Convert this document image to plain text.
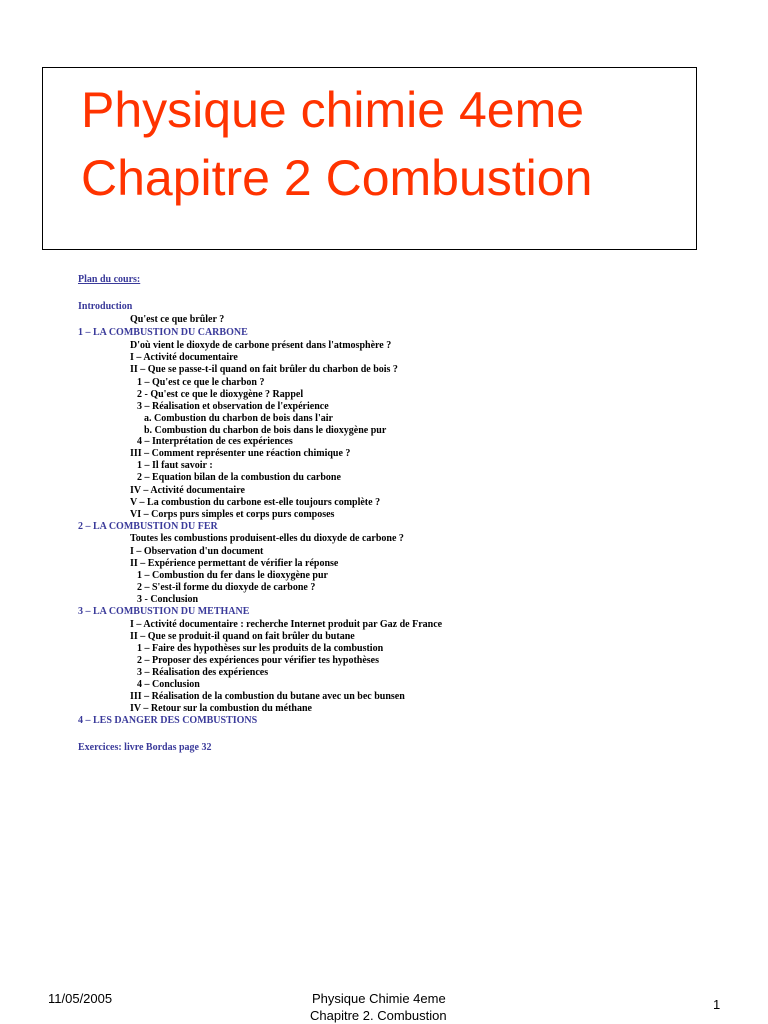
Physique chimie 4eme
Chapitre 2 Combustion
Plan du cours:
Introduction
Qu'est ce que brûler ?
1 – LA COMBUSTION DU CARBONE
D'où vient le dioxyde de carbone présent dans l'atmosphère ?
I – Activité documentaire
II – Que se passe-t-il quand on fait brûler du charbon de bois ?
1 – Qu'est ce que le charbon ?
2 - Qu'est ce que le dioxygène ? Rappel
3 – Réalisation et observation de l'expérience
a. Combustion du charbon de bois dans l'air
b. Combustion du charbon de bois dans le dioxygène pur
4 – Interprétation de ces expériences
III – Comment représenter une réaction chimique ?
1 – Il faut savoir :
2 – Equation bilan de la combustion du carbone
IV – Activité documentaire
V – La combustion du carbone est-elle toujours complète ?
VI – Corps purs simples et corps purs composes
2 – LA COMBUSTION DU FER
Toutes les combustions produisent-elles du dioxyde de carbone ?
I – Observation d'un document
II – Expérience permettant de vérifier la réponse
1 – Combustion du fer dans le dioxygène pur
2 – S'est-il forme du dioxyde de carbone ?
3 - Conclusion
3 – LA COMBUSTION DU METHANE
I – Activité documentaire : recherche Internet produit par Gaz de France
II – Que se produit-il quand on fait brûler du butane
1 – Faire des hypothèses sur les produits de la combustion
2 – Proposer des expériences pour vérifier tes hypothèses
3 – Réalisation des expériences
4 – Conclusion
III – Réalisation de la combustion du butane avec un bec bunsen
IV – Retour sur la combustion du méthane
4 – LES DANGER DES COMBUSTIONS
Exercices: livre Bordas page 32
11/05/2005	Physique Chimie 4eme
Chapitre 2. Combustion
1
